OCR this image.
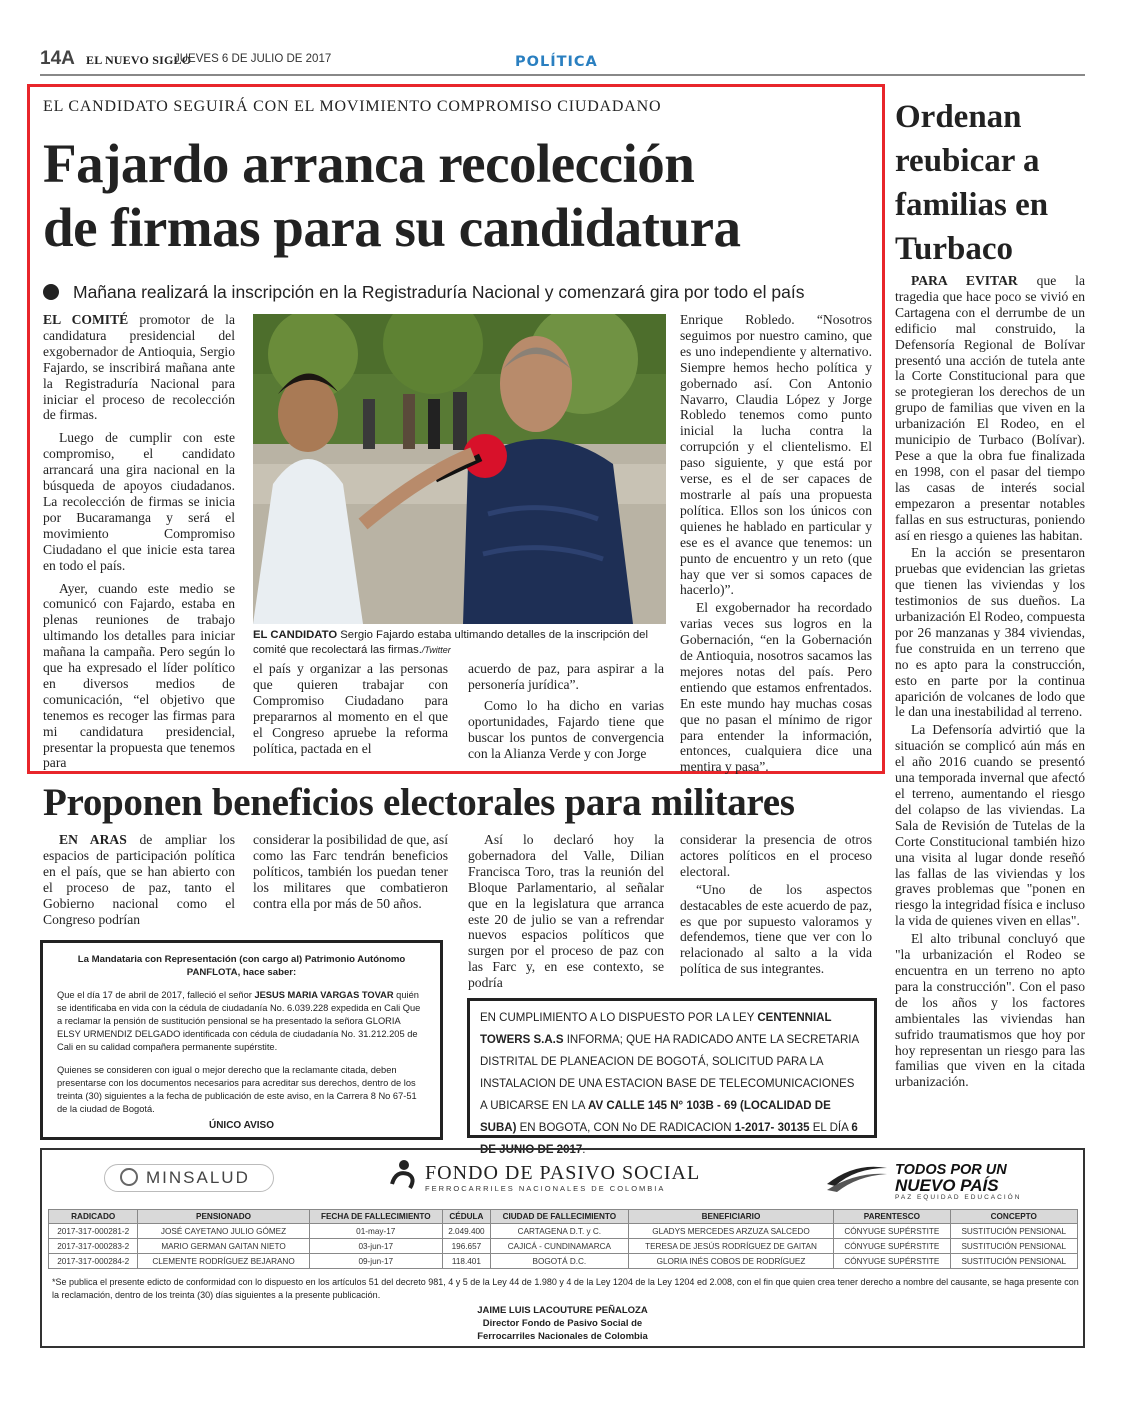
14A EL NUEVO SIGLO
JUEVES 6 DE JULIO DE 2017	POLÍTICA
EL CANDIDATO SEGUIRÁ CON EL MOVIMIENTO COMPROMISO CIUDADANO
Fajardo arranca recolección
de firmas para su candidatura
Mañana realizará la inscripción en la Registraduría Nacional y comenzará gira por todo el país

EL COMITÉ promotor de la candidatura presidencial del exgobernador de Antioquia, Sergio Fajardo, se inscribirá mañana ante la Registraduría Nacional para iniciar el proceso de recolección de firmas.

Luego de cumplir con este compromiso, el candidato arrancará una gira nacional en la búsqueda de apoyos ciudadanos. La recolección de firmas se inicia por Bucaramanga y será el movimiento Compromiso Ciudadano el que inicie esta tarea en todo el país.

Ayer, cuando este medio se comunicó con Fajardo, estaba en plenas reuniones de trabajo ultimando los detalles para iniciar mañana la campaña. Pero según lo que ha expresado el líder político en diversos medios de comunicación, “el objetivo que tenemos es recoger las firmas para mi candidatura presidencial, presentar la propuesta que tenemos para

EL CANDIDATO Sergio Fajardo estaba ultimando detalles de la inscripción del comité que recolectará las firmas./Twitter

el país y organizar a las personas que quieren trabajar con Compromiso Ciudadano para prepararnos al momento en el que el Congreso apruebe la reforma política, pactada en el

acuerdo de paz, para aspirar a la personería jurídica”.

Como lo ha dicho en varias oportunidades, Fajardo tiene que buscar los puntos de convergencia con la Alianza Verde y con Jorge

Enrique Robledo. “Nosotros seguimos por nuestro camino, que es uno independiente y alternativo. Siempre hemos hecho política y gobernado así. Con Antonio Navarro, Claudia López y Jorge Robledo tenemos como punto inicial la lucha contra la corrupción y el clientelismo. El paso siguiente, y que está por verse, es el de ser capaces de mostrarle al país una propuesta política. Ellos son los únicos con quienes he hablado en particular y ese es el avance que tenemos: un punto de encuentro y un reto (que hay que ver si somos capaces de hacerlo)”.

El exgobernador ha recordado varias veces sus logros en la Gobernación, “en la Gobernación de Antioquia, nosotros sacamos las mejores notas del país. Pero entiendo que estamos enfrentados. En este mundo hay muchas cosas que no pasan el mínimo de rigor para entender la información, entonces, cualquiera dice una mentira y pasa”.

Ordenan reubicar a familias en Turbaco

PARA EVITAR que la tragedia que hace poco se vivió en Cartagena con el derrumbe de un edificio mal construido, la Defensoría Regional de Bolívar presentó una acción de tutela ante la Corte Constitucional para que se protegieran los derechos de un grupo de familias que viven en la urbanización El Rodeo, en el municipio de Turbaco (Bolívar). Pese a que la obra fue finalizada en 1998, con el pasar del tiempo las casas de interés social empezaron a presentar notables fallas en sus estructuras, poniendo así en riesgo a quienes las habitan.

En la acción se presentaron pruebas que evidencian las grietas que tienen las viviendas y los testimonios de sus dueños. La urbanización El Rodeo, compuesta por 26 manzanas y 384 viviendas, fue construida en un terreno que no es apto para la construcción, esto en parte por la continua aparición de volcanes de lodo que le dan una inestabilidad al terreno.

La Defensoría advirtió que la situación se complicó aún más en el año 2016 cuando se presentó una temporada invernal que afectó el terreno, aumentando el riesgo del colapso de las viviendas. La Sala de Revisión de Tutelas de la Corte Constitucional también hizo una visita al lugar donde reseñó las fallas de las viviendas y los graves problemas que "ponen en riesgo la integridad física e incluso la vida de quienes viven en ellas".

El alto tribunal concluyó que "la urbanización el Rodeo se encuentra en un terreno no apto para la construcción". Con el paso de los años y los factores ambientales las viviendas han sufrido traumatismos que hoy por hoy representan un riesgo para las familias que viven en la citada urbanización.

Proponen beneficios electorales para militares

EN ARAS de ampliar los espacios de participación política en el país, que se han abierto con el proceso de paz, tanto el Gobierno nacional como el Congreso podrían

considerar la posibilidad de que, así como las Farc tendrán beneficios políticos, también los puedan tener los militares que combatieron contra ella por más de 50 años.

Así lo declaró hoy la gobernadora del Valle, Dilian Francisca Toro, tras la reunión del Bloque Parlamentario, al señalar que en la legislatura que arranca este 20 de julio se van a refrendar nuevos espacios políticos que surgen por el proceso de paz con las Farc y, en ese contexto, se podría

considerar la presencia de otros actores políticos en el proceso electoral.

“Uno de los aspectos destacables de este acuerdo de paz, es que por supuesto valoramos y defendemos, tiene que ver con lo relacionado al salto a la vida política de sus integrantes.

La Mandataria con Representación (con cargo al) Patrimonio Autónomo PANFLOTA, hace saber:
Que el día 17 de abril de 2017, falleció el señor JESUS MARIA VARGAS TOVAR quién se identificaba en vida con la cédula de ciudadanía No. 6.039.228 expedida en Cali Que a reclamar la pensión de sustitución pensional se ha presentado la señora GLORIA ELSY URMENDIZ DELGADO identificada con cédula de ciudadanía No. 31.212.205 de Cali en su calidad compañera permanente supérstite.
Quienes se consideren con igual o mejor derecho que la reclamante citada, deben presentarse con los documentos necesarios para acreditar sus derechos, dentro de los treinta (30) siguientes a la fecha de publicación de este aviso, en la Carrera 8 No 67-51 de la ciudad de Bogotá.
ÚNICO AVISO
EN CUMPLIMIENTO A LO DISPUESTO POR LA LEY CENTENNIAL TOWERS S.A.S INFORMA; QUE HA RADICADO ANTE LA SECRETARIA DISTRITAL DE PLANEACION DE BOGOTÁ, SOLICITUD PARA LA INSTALACION DE UNA ESTACION BASE DE TELECOMUNICACIONES A UBICARSE EN LA AV CALLE 145 N° 103B - 69 (LOCALIDAD DE SUBA) EN BOGOTA, CON No DE RADICACION 1-2017- 30135 EL DÍA 6 DE JUNIO DE 2017.
MINSALUD	FONDO DE PASIVO SOCIAL
FERROCARRILES NACIONALES DE COLOMBIA
TODOS POR UN
NUEVO PAÍS
PAZ EQUIDAD EDUCACIÓN
RADICADO	PENSIONADO	FECHA DE FALLECIMIENTO	CÉDULA	CIUDAD DE FALLECIMIENTO	BENEFICIARIO	PARENTESCO	CONCEPTO
2017-317-000281-2	JOSÉ CAYETANO JULIO GÓMEZ	01-may-17	2.049.400	CARTAGENA D.T. y C.	GLADYS MERCEDES ARZUZA SALCEDO	CÓNYUGE SUPÉRSTITE	SUSTITUCIÓN PENSIONAL
2017-317-000283-2	MARIO GERMAN GAITAN NIETO	03-jun-17	196.657	CAJICÁ - CUNDINAMARCA	TERESA DE JESÚS RODRÍGUEZ DE GAITAN	CÓNYUGE SUPÉRSTITE	SUSTITUCIÓN PENSIONAL
2017-317-000284-2	CLEMENTE RODRÍGUEZ BEJARANO	09-jun-17	118.401	BOGOTÁ D.C.	GLORIA INÉS COBOS DE RODRÍGUEZ	CÓNYUGE SUPÉRSTITE	SUSTITUCIÓN PENSIONAL
*Se publica el presente edicto de conformidad con lo dispuesto en los artículos 51 del decreto 981, 4 y 5 de la Ley 44 de 1.980 y 4 de la Ley 1204 de la Ley 1204 ed 2.008, con el fin que quien crea tener derecho a nombre del causante, se haga presente con la reclamación, dentro de los treinta (30) días siguientes a la presente publicación.
JAIME LUIS LACOUTURE PEÑALOZA
Director Fondo de Pasivo Social de
Ferrocarriles Nacionales de Colombia
